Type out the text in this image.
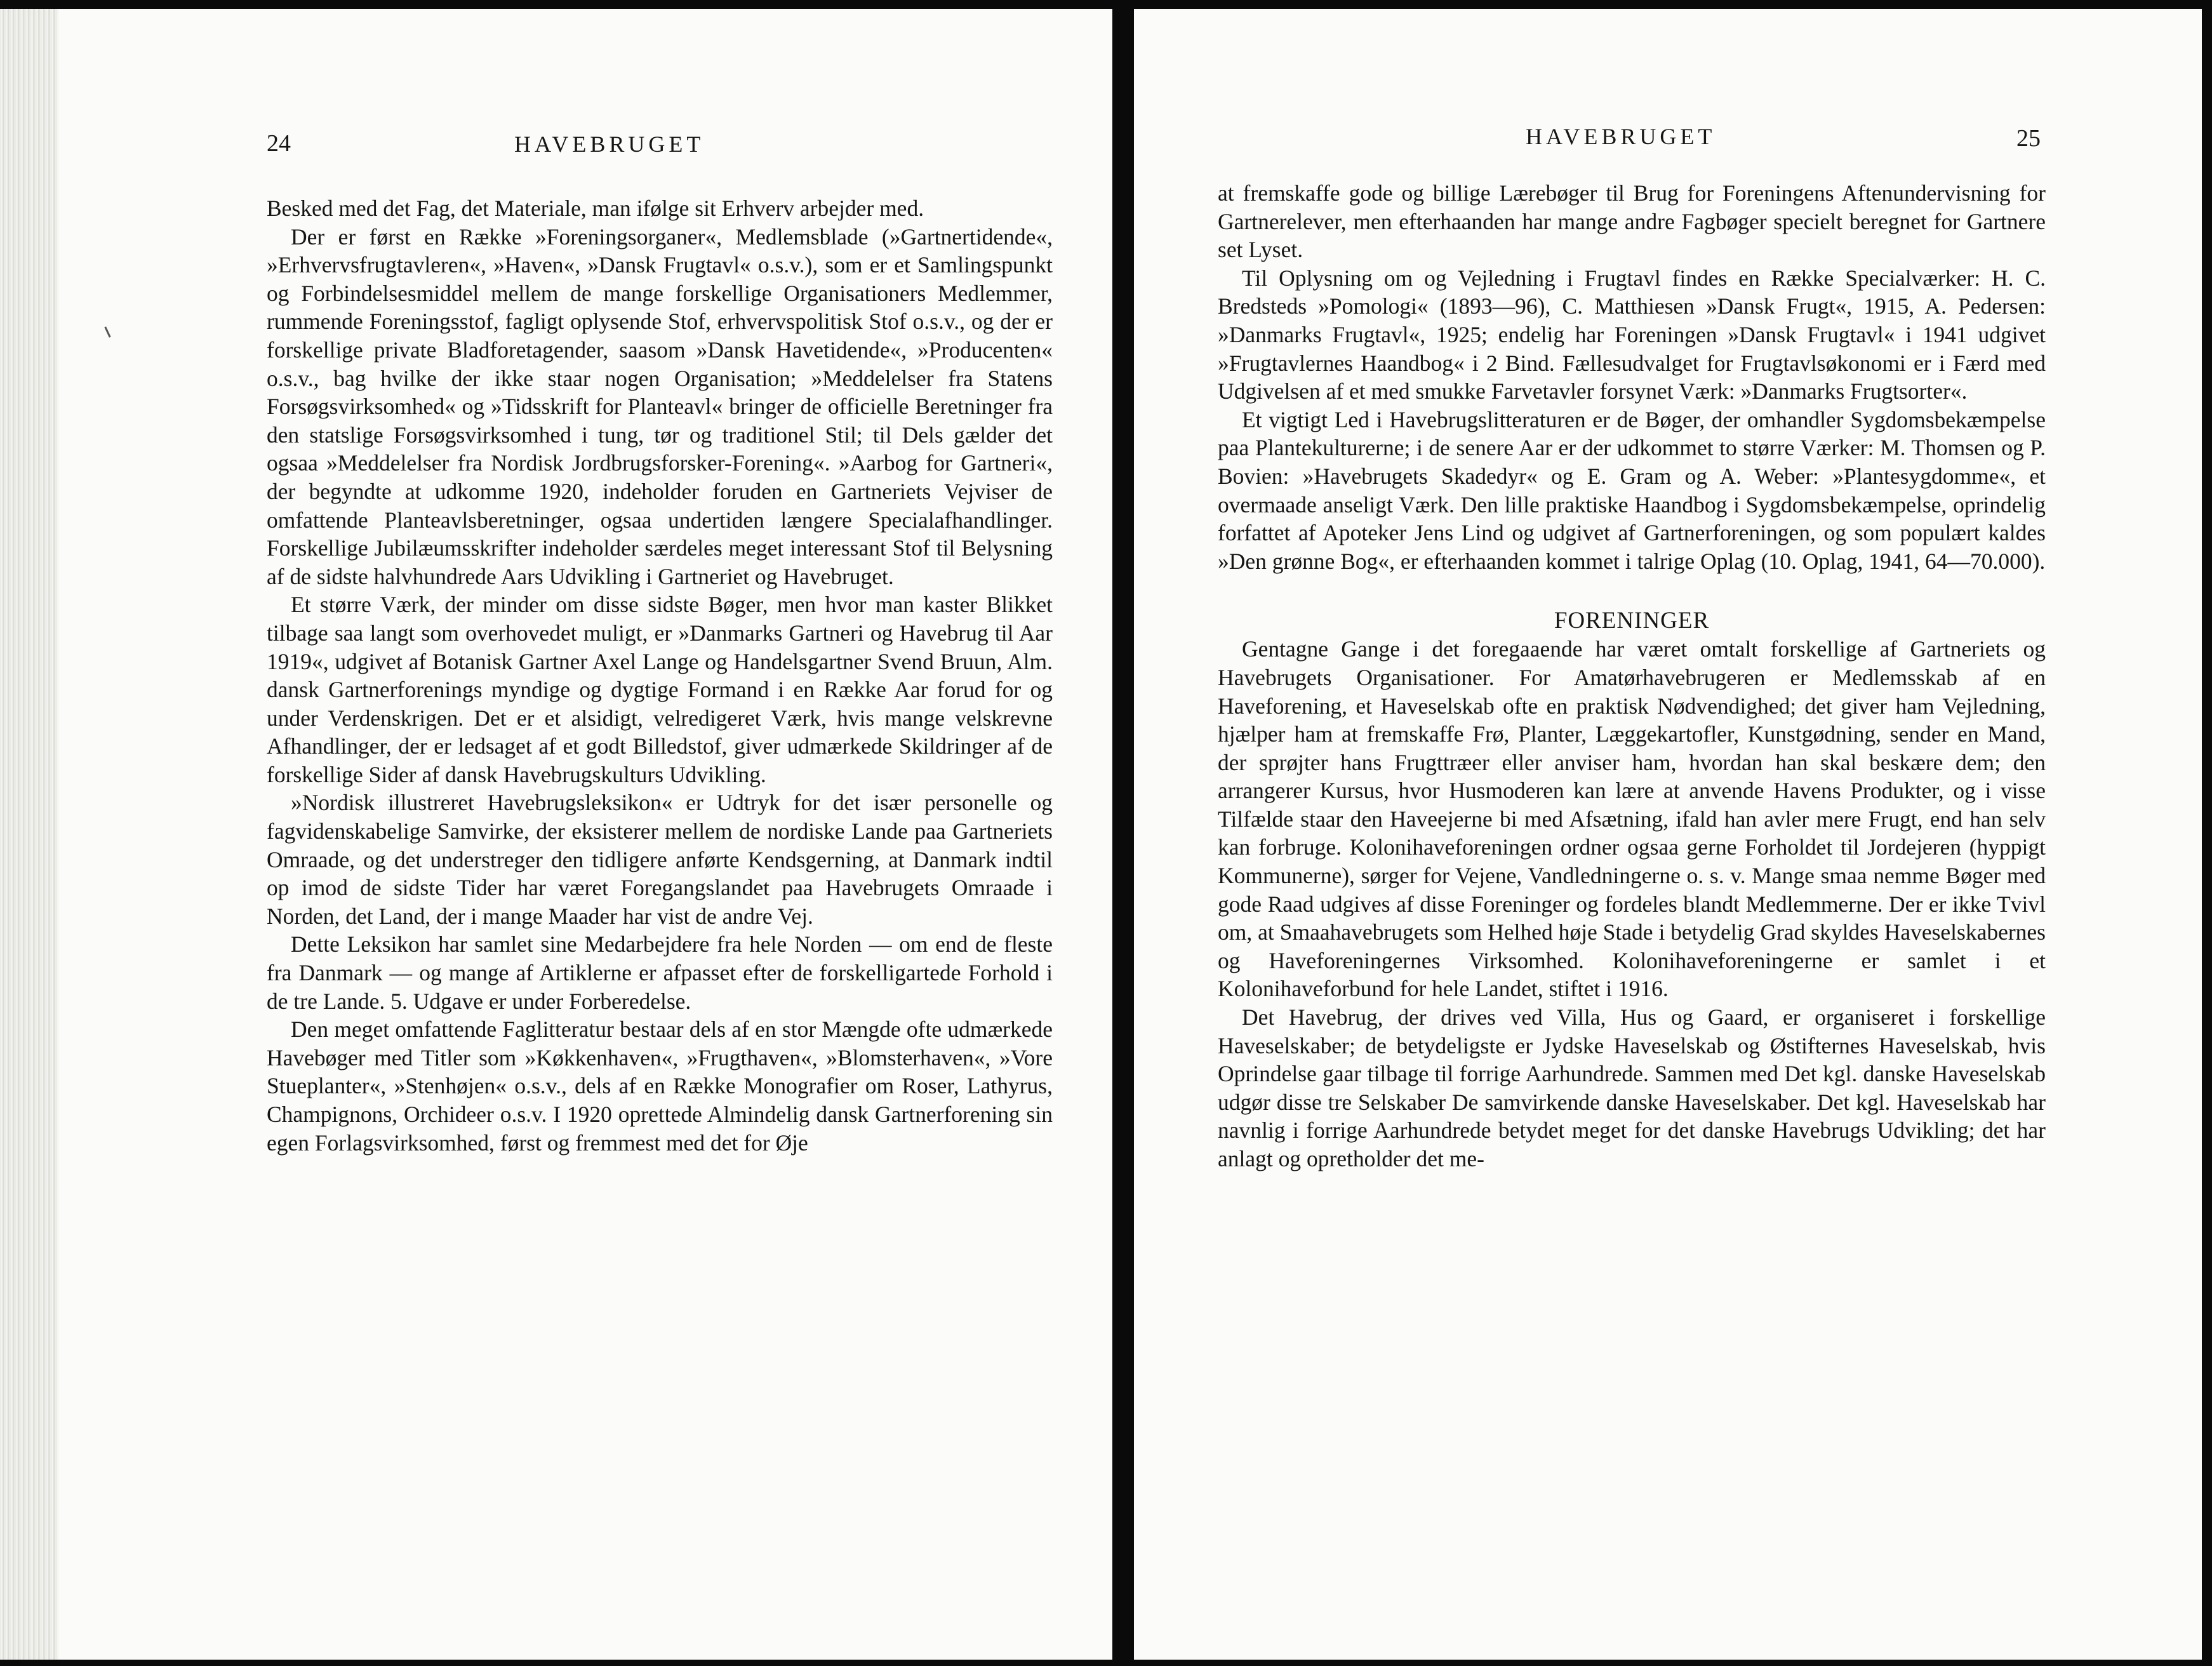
24	HAVEBRUGET

Besked med det Fag, det Materiale, man ifølge sit Erhverv arbejder med.

Der er først en Række »Foreningsorganer«, Medlemsblade (»Gartnertidende«, »Erhvervsfrugtavleren«, »Haven«, »Dansk Frugtavl« o.s.v.), som er et Samlingspunkt og Forbindelsesmiddel mellem de mange forskellige Organisationers Medlemmer, rummende Foreningsstof, fagligt oplysende Stof, erhvervspolitisk Stof o.s.v., og der er forskellige private Bladforetagender, saasom »Dansk Havetidende«, »Producenten« o.s.v., bag hvilke der ikke staar nogen Organisation; »Meddelelser fra Statens Forsøgsvirksomhed« og »Tidsskrift for Planteavl« bringer de officielle Beretninger fra den statslige Forsøgsvirksomhed i tung, tør og traditionel Stil; til Dels gælder det ogsaa »Meddelelser fra Nordisk Jordbrugsforsker-Forening«. »Aarbog for Gartneri«, der begyndte at udkomme 1920, indeholder foruden en Gartneriets Vejviser de omfattende Planteavlsberetninger, ogsaa undertiden længere Specialafhandlinger. Forskellige Jubilæumsskrifter indeholder særdeles meget interessant Stof til Belysning af de sidste halvhundrede Aars Udvikling i Gartneriet og Havebruget.

Et større Værk, der minder om disse sidste Bøger, men hvor man kaster Blikket tilbage saa langt som overhovedet muligt, er »Danmarks Gartneri og Havebrug til Aar 1919«, udgivet af Botanisk Gartner Axel Lange og Handelsgartner Svend Bruun, Alm. dansk Gartnerforenings myndige og dygtige Formand i en Række Aar forud for og under Verdenskrigen. Det er et alsidigt, velredigeret Værk, hvis mange velskrevne Afhandlinger, der er ledsaget af et godt Billedstof, giver udmærkede Skildringer af de forskellige Sider af dansk Havebrugskulturs Udvikling.

»Nordisk illustreret Havebrugsleksikon« er Udtryk for det især personelle og fagvidenskabelige Samvirke, der eksisterer mellem de nordiske Lande paa Gartneriets Omraade, og det understreger den tidligere anførte Kendsgerning, at Danmark indtil op imod de sidste Tider har været Foregangslandet paa Havebrugets Omraade i Norden, det Land, der i mange Maader har vist de andre Vej.

Dette Leksikon har samlet sine Medarbejdere fra hele Norden — om end de fleste fra Danmark — og mange af Artiklerne er afpasset efter de forskelligartede Forhold i de tre Lande. 5. Udgave er under Forberedelse.

Den meget omfattende Faglitteratur bestaar dels af en stor Mængde ofte udmærkede Havebøger med Titler som »Køkkenhaven«, »Frugthaven«, »Blomsterhaven«, »Vore Stueplanter«, »Stenhøjen« o.s.v., dels af en Række Monografier om Roser, Lathyrus, Champignons, Orchideer o.s.v. I 1920 oprettede Almindelig dansk Gartnerforening sin egen Forlagsvirksomhed, først og fremmest med det for Øje

HAVEBRUGET	25

at fremskaffe gode og billige Lærebøger til Brug for Foreningens Aftenundervisning for Gartnerelever, men efterhaanden har mange andre Fagbøger specielt beregnet for Gartnere set Lyset.

Til Oplysning om og Vejledning i Frugtavl findes en Række Specialværker: H. C. Bredsteds »Pomologi« (1893—96), C. Matthiesen »Dansk Frugt«, 1915, A. Pedersen: »Danmarks Frugtavl«, 1925; endelig har Foreningen »Dansk Frugtavl« i 1941 udgivet »Frugtavlernes Haandbog« i 2 Bind. Fællesudvalget for Frugtavlsøkonomi er i Færd med Udgivelsen af et med smukke Farvetavler forsynet Værk: »Danmarks Frugtsorter«.

Et vigtigt Led i Havebrugslitteraturen er de Bøger, der omhandler Sygdomsbekæmpelse paa Plantekulturerne; i de senere Aar er der udkommet to større Værker: M. Thomsen og P. Bovien: »Havebrugets Skadedyr« og E. Gram og A. Weber: »Plantesygdomme«, et overmaade anseligt Værk. Den lille praktiske Haandbog i Sygdomsbekæmpelse, oprindelig forfattet af Apoteker Jens Lind og udgivet af Gartnerforeningen, og som populært kaldes »Den grønne Bog«, er efterhaanden kommet i talrige Oplag (10. Oplag, 1941, 64—70.000).

FORENINGER

Gentagne Gange i det foregaaende har været omtalt forskellige af Gartneriets og Havebrugets Organisationer. For Amatørhavebrugeren er Medlemsskab af en Haveforening, et Haveselskab ofte en praktisk Nødvendighed; det giver ham Vejledning, hjælper ham at fremskaffe Frø, Planter, Læggekartofler, Kunstgødning, sender en Mand, der sprøjter hans Frugttræer eller anviser ham, hvordan han skal beskære dem; den arrangerer Kursus, hvor Husmoderen kan lære at anvende Havens Produkter, og i visse Tilfælde staar den Haveejerne bi med Afsætning, ifald han avler mere Frugt, end han selv kan forbruge. Kolonihaveforeningen ordner ogsaa gerne Forholdet til Jordejeren (hyppigt Kommunerne), sørger for Vejene, Vandledningerne o. s. v. Mange smaa nemme Bøger med gode Raad udgives af disse Foreninger og fordeles blandt Medlemmerne. Der er ikke Tvivl om, at Smaahavebrugets som Helhed høje Stade i betydelig Grad skyldes Haveselskabernes og Haveforeningernes Virksomhed. Kolonihaveforeningerne er samlet i et Kolonihaveforbund for hele Landet, stiftet i 1916.

Det Havebrug, der drives ved Villa, Hus og Gaard, er organiseret i forskellige Haveselskaber; de betydeligste er Jydske Haveselskab og Østifternes Haveselskab, hvis Oprindelse gaar tilbage til forrige Aarhundrede. Sammen med Det kgl. danske Haveselskab udgør disse tre Selskaber De samvirkende danske Haveselskaber. Det kgl. Haveselskab har navnlig i forrige Aarhundrede betydet meget for det danske Havebrugs Udvikling; det har anlagt og opretholder det me-
